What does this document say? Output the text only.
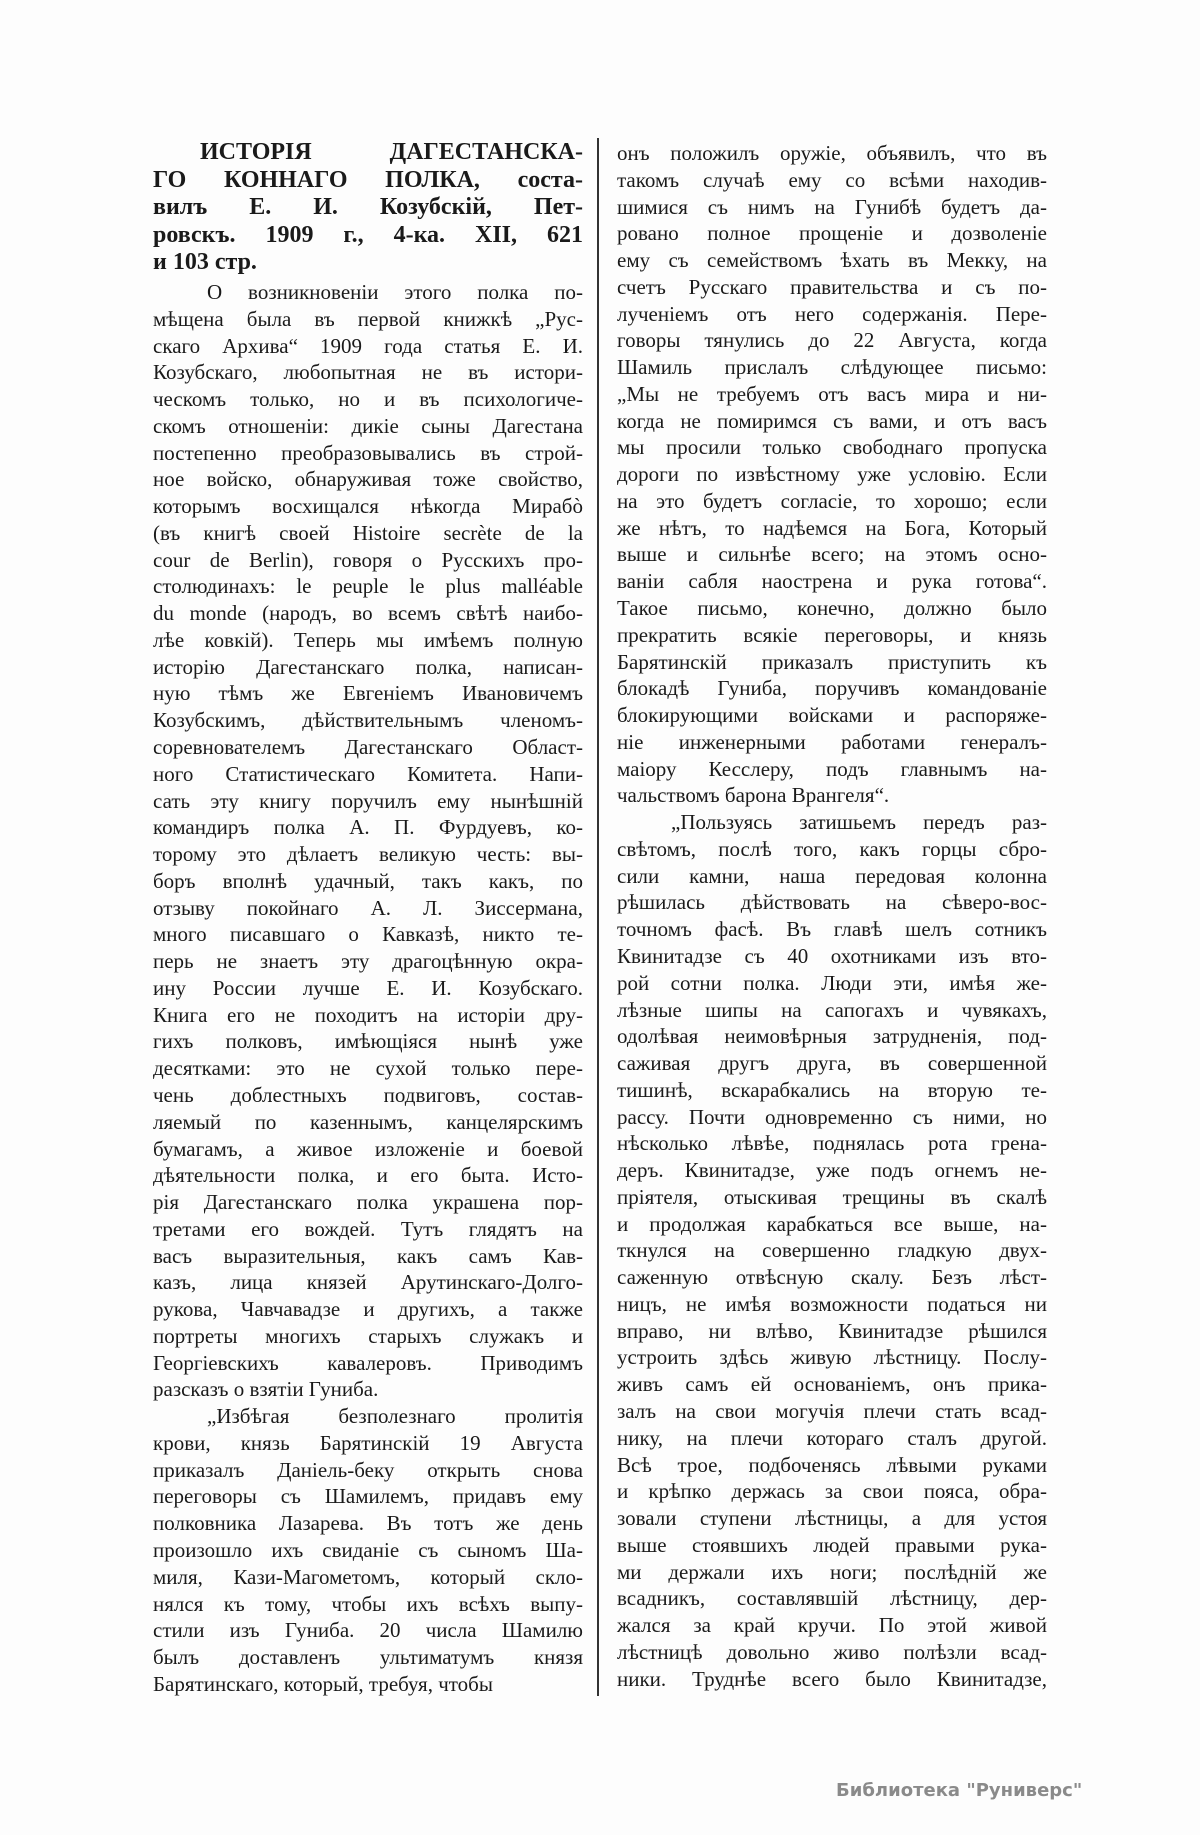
ИСТОРІЯ ДАГЕСТАНСКА-
ГО КОННАГО ПОЛКА, соста-
вилъ Е. И. Козубскій, Пет-
ровскъ. 1909 г., 4-ка. XII, 621
и 103 стр.
О возникновеніи этого полка по-
мѣщена была въ первой книжкѣ „Рус-
скаго Архива“ 1909 года статья Е. И.
Козубскаго, любопытная не въ истори-
ческомъ только, но и въ психологиче-
скомъ отношеніи: дикіе сыны Дагестана
постепенно преобразовывались въ строй-
ное войско, обнаруживая тоже свойство,
которымъ восхищался нѣкогда Мирабò
(въ книгѣ своей Histoire secrète de la
cour de Berlin), говоря о Русскихъ про-
столюдинахъ: le peuple le plus malléable
du monde (народъ, во всемъ свѣтѣ наибо-
лѣе ковкій). Теперь мы имѣемъ полную
исторію Дагестанскаго полка, написан-
ную тѣмъ же Евгеніемъ Ивановичемъ
Козубскимъ, дѣйствительнымъ членомъ-
соревнователемъ Дагестанскаго Област-
ного Статистическаго Комитета. Напи-
сать эту книгу поручилъ ему нынѣшній
командиръ полка А. П. Фурдуевъ, ко-
торому это дѣлаетъ великую честь: вы-
боръ вполнѣ удачный, такъ какъ, по
отзыву покойнаго А. Л. Зиссермана,
много писавшаго о Кавказѣ, никто те-
перь не знаетъ эту драгоцѣнную окра-
ину России лучше Е. И. Козубскаго.
Книга его не походитъ на исторіи дру-
гихъ полковъ, имѣющіяся нынѣ уже
десятками: это не сухой только пере-
чень доблестныхъ подвиговъ, состав-
ляемый по казеннымъ, канцелярскимъ
бумагамъ, а живое изложеніе и боевой
дѣятельности полка, и его быта. Исто-
рія Дагестанскаго полка украшена пор-
третами его вождей. Тутъ глядятъ на
васъ выразительныя, какъ самъ Кав-
казъ, лица князей Арутинскаго-Долго-
рукова, Чавчавадзе и другихъ, а также
портреты многихъ старыхъ служакъ и
Георгіевскихъ кавалеровъ. Приводимъ
разсказъ о взятіи Гуниба.
„Избѣгая безполезнаго пролитія
крови, князь Барятинскій 19 Августа
приказалъ Даніель-беку открыть снова
переговоры съ Шамилемъ, придавъ ему
полковника Лазарева. Въ тотъ же день
произошло ихъ свиданіе съ сыномъ Ша-
миля, Кази-Магометомъ, который скло-
нялся къ тому, чтобы ихъ всѣхъ выпу-
стили изъ Гуниба. 20 числа Шамилю
былъ доставленъ ультиматумъ князя
Барятинскаго, который, требуя, чтобы
онъ положилъ оружіе, объявилъ, что въ
такомъ случаѣ ему со всѣми находив-
шимися съ нимъ на Гунибѣ будетъ да-
ровано полное прощеніе и дозволеніе
ему съ семействомъ ѣхать въ Мекку, на
счетъ Русскаго правительства и съ по-
лученіемъ отъ него содержанія. Пере-
говоры тянулись до 22 Августа, когда
Шамиль прислалъ слѣдующее письмо:
„Мы не требуемъ отъ васъ мира и ни-
когда не помиримся съ вами, и отъ васъ
мы просили только свободнаго пропуска
дороги по извѣстному уже условію. Если
на это будетъ согласіе, то хорошо; если
же нѣтъ, то надѣемся на Бога, Который
выше и сильнѣе всего; на этомъ осно-
ваніи сабля наострена и рука готова“.
Такое письмо, конечно, должно было
прекратить всякіе переговоры, и князь
Барятинскій приказалъ приступить къ
блокадѣ Гуниба, поручивъ командованіе
блокирующими войсками и распоряже-
ніе инженерными работами генералъ-
маіору Кесслеру, подъ главнымъ на-
чальствомъ барона Врангеля“.
„Пользуясь затишьемъ передъ раз-
свѣтомъ, послѣ того, какъ горцы сбро-
сили камни, наша передовая колонна
рѣшилась дѣйствовать на сѣверо-вос-
точномъ фасѣ. Въ главѣ шелъ сотникъ
Квинитадзе съ 40 охотниками изъ вто-
рой сотни полка. Люди эти, имѣя же-
лѣзные шипы на сапогахъ и чувякахъ,
одолѣвая неимовѣрныя затрудненія, под-
саживая другъ друга, въ совершенной
тишинѣ, вскарабкались на вторую те-
рассу. Почти одновременно съ ними, но
нѣсколько лѣвѣе, поднялась рота грена-
деръ. Квинитадзе, уже подъ огнемъ не-
пріятеля, отыскивая трещины въ скалѣ
и продолжая карабкаться все выше, на-
ткнулся на совершенно гладкую двух-
саженную отвѣсную скалу. Безъ лѣст-
ницъ, не имѣя возможности податься ни
вправо, ни влѣво, Квинитадзе рѣшился
устроить здѣсь живую лѣстницу. Послу-
живъ самъ ей основаніемъ, онъ прика-
залъ на свои могучія плечи стать всад-
нику, на плечи котораго сталъ другой.
Всѣ трое, подбоченясь лѣвыми руками
и крѣпко держась за свои пояса, обра-
зовали ступени лѣстницы, а для устоя
выше стоявшихъ людей правыми рука-
ми держали ихъ ноги; послѣдній же
всадникъ, составлявшій лѣстницу, дер-
жался за край кручи. По этой живой
лѣстницѣ довольно живо полѣзли всад-
ники. Труднѣе всего было Квинитадзе,
Библиотека "Руниверс"
